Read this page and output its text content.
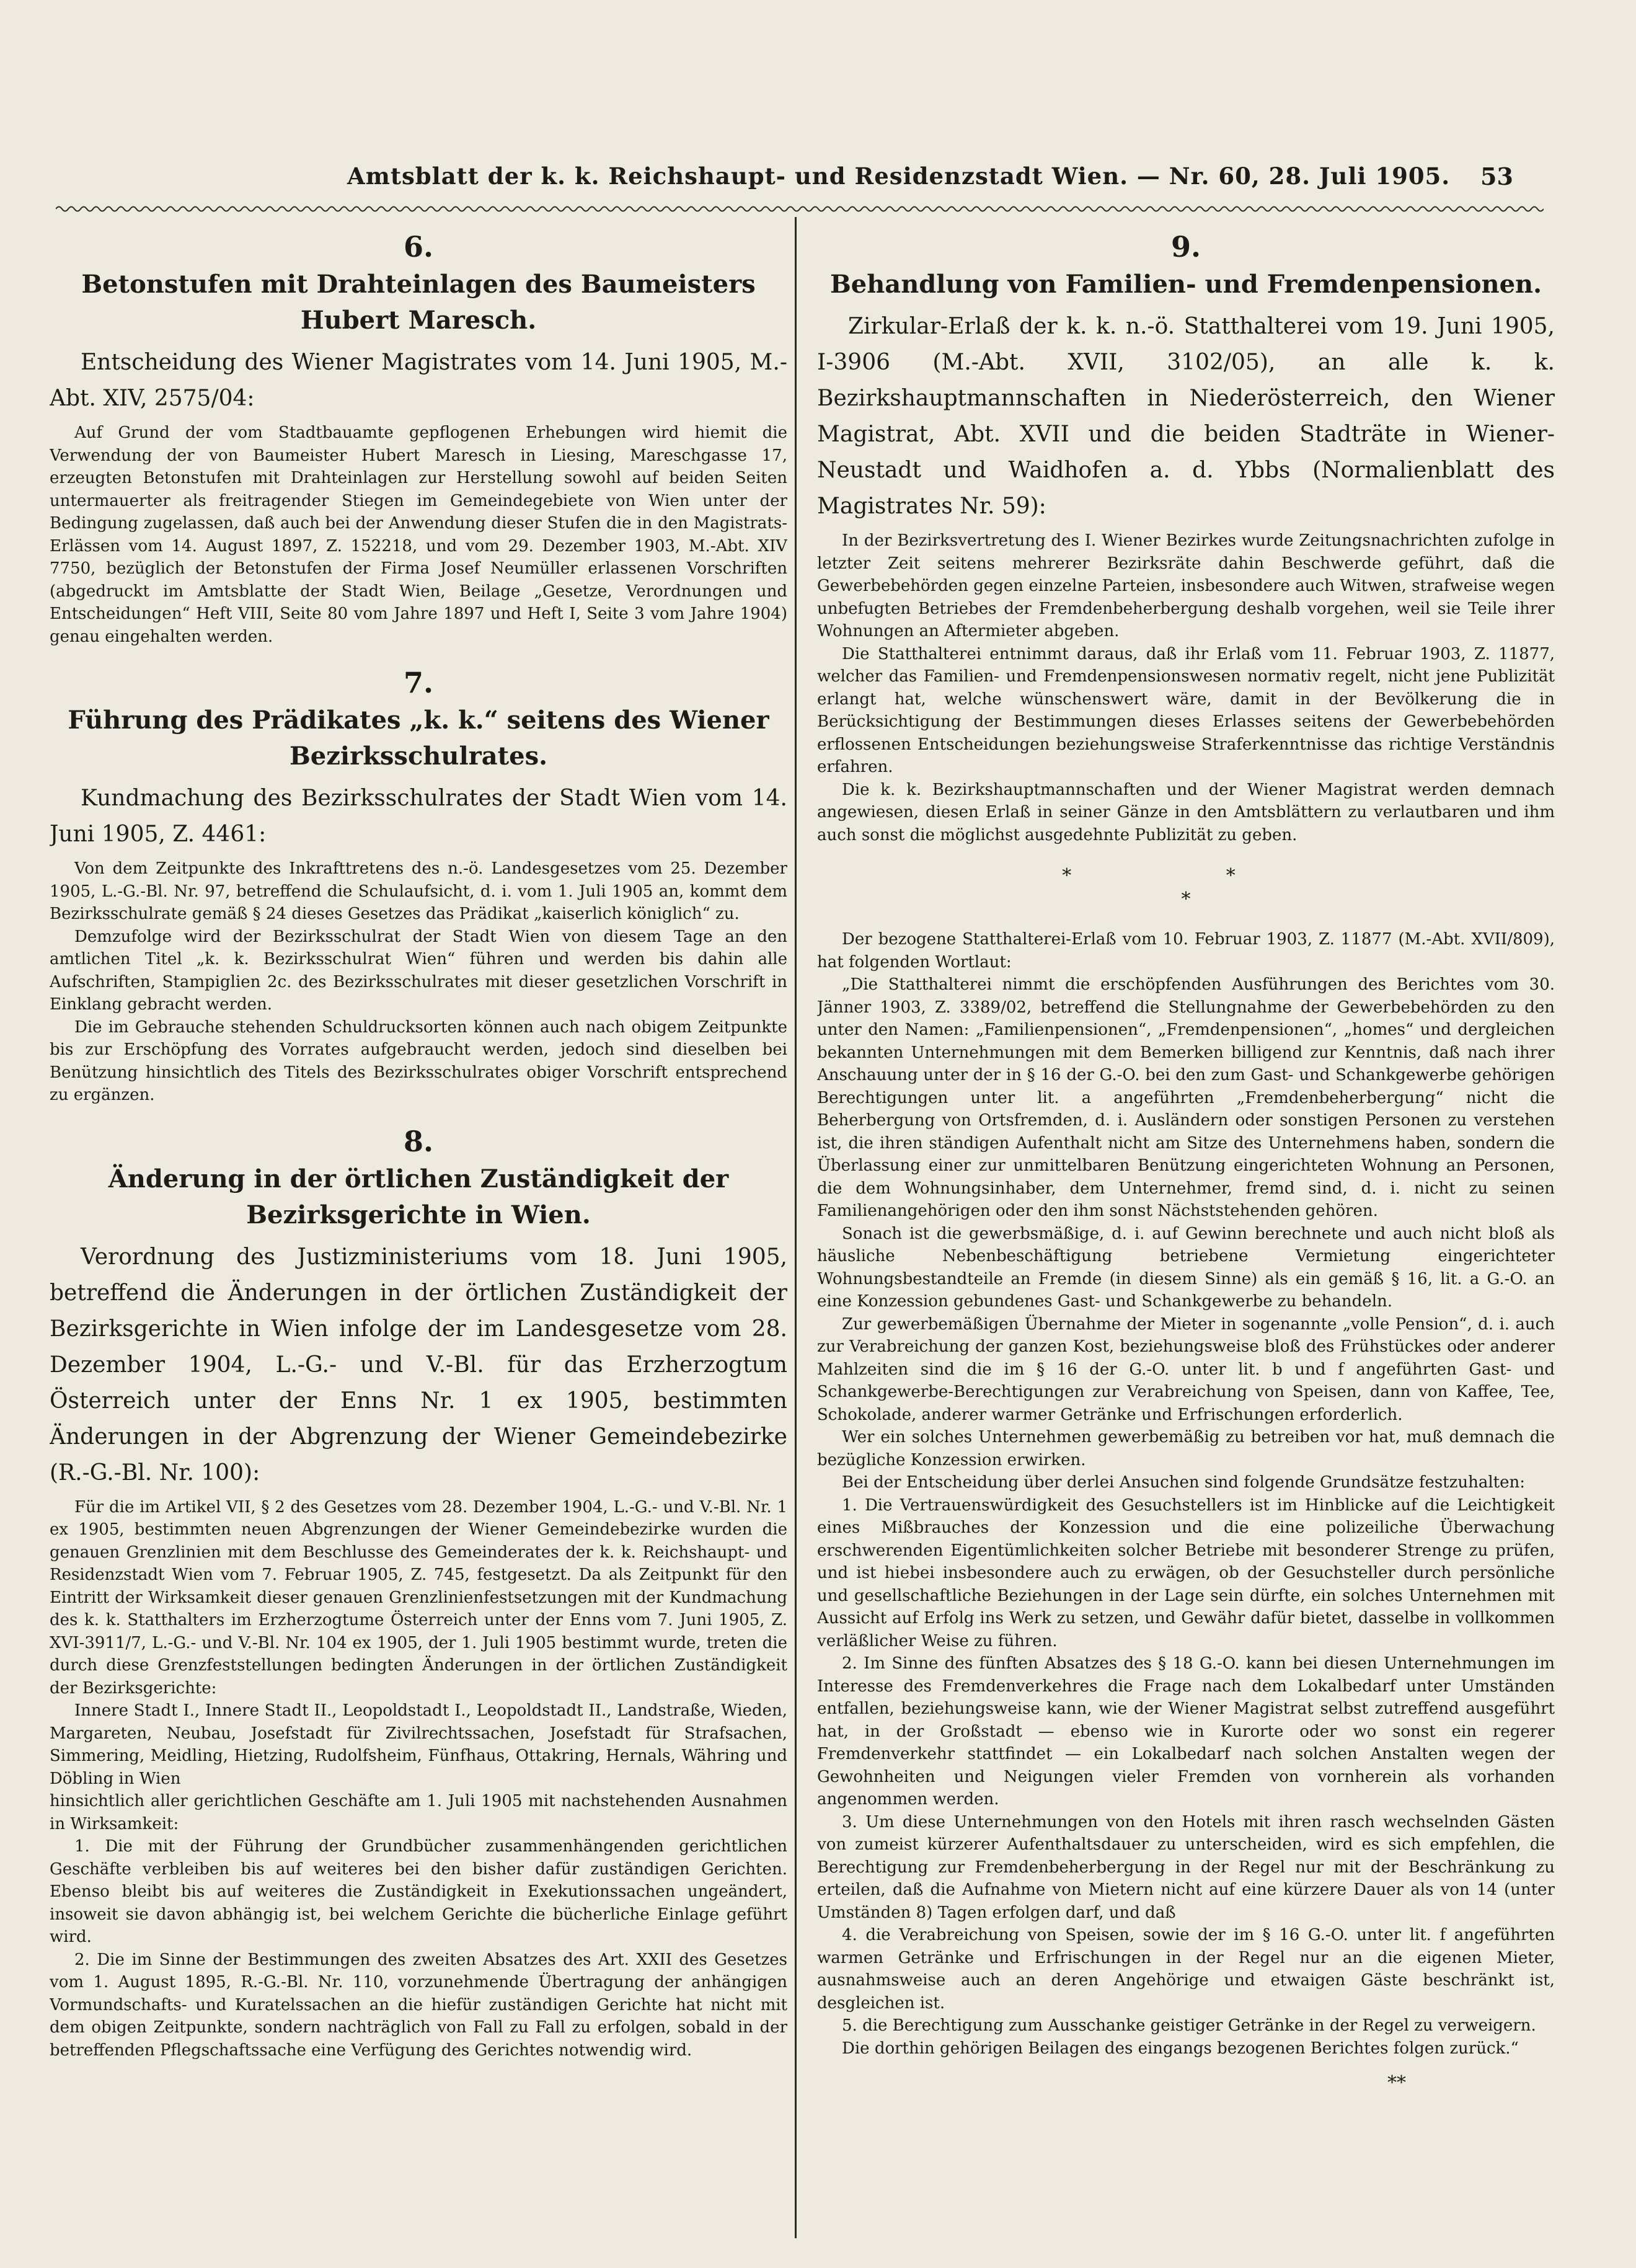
Amtsblatt der k. k. Reichshaupt- und Residenzstadt Wien. — Nr. 60, 28. Juli 1905.	53
6.
Betonstufen mit Drahteinlagen des Baumeisters Hubert Maresch.
Entscheidung des Wiener Magistrates vom 14. Juni 1905, M.-Abt. XIV, 2575/04:
Auf Grund der vom Stadtbauamte gepflogenen Erhebungen wird hiemit die Verwendung der von Baumeister Hubert Maresch in Liesing, Mareschgasse 17, erzeugten Betonstufen mit Drahteinlagen zur Herstellung sowohl auf beiden Seiten untermauerter als freitragender Stiegen im Gemeindegebiete von Wien unter der Bedingung zugelassen, daß auch bei der Anwendung dieser Stufen die in den Magistrats-Erlässen vom 14. August 1897, Z. 152218, und vom 29. Dezember 1903, M.-Abt. XIV 7750, bezüglich der Betonstufen der Firma Josef Neumüller erlassenen Vorschriften (abgedruckt im Amtsblatte der Stadt Wien, Beilage „Gesetze, Verordnungen und Entscheidungen“ Heft VIII, Seite 80 vom Jahre 1897 und Heft I, Seite 3 vom Jahre 1904) genau eingehalten werden.
7.
Führung des Prädikates „k. k.“ seitens des Wiener Bezirksschulrates.
Kundmachung des Bezirksschulrates der Stadt Wien vom 14. Juni 1905, Z. 4461:
Von dem Zeitpunkte des Inkrafttretens des n.-ö. Landesgesetzes vom 25. Dezember 1905, L.-G.-Bl. Nr. 97, betreffend die Schulaufsicht, d. i. vom 1. Juli 1905 an, kommt dem Bezirksschulrate gemäß § 24 dieses Gesetzes das Prädikat „kaiserlich königlich“ zu.
Demzufolge wird der Bezirksschulrat der Stadt Wien von diesem Tage an den amtlichen Titel „k. k. Bezirksschulrat Wien“ führen und werden bis dahin alle Aufschriften, Stampiglien 2c. des Bezirksschulrates mit dieser gesetzlichen Vorschrift in Einklang gebracht werden.
Die im Gebrauche stehenden Schuldrucksorten können auch nach obigem Zeitpunkte bis zur Erschöpfung des Vorrates aufgebraucht werden, jedoch sind dieselben bei Benützung hinsichtlich des Titels des Bezirksschulrates obiger Vorschrift entsprechend zu ergänzen.
8.
Änderung in der örtlichen Zuständigkeit der Bezirksgerichte in Wien.
Verordnung des Justizministeriums vom 18. Juni 1905, betreffend die Änderungen in der örtlichen Zuständigkeit der Bezirksgerichte in Wien infolge der im Landesgesetze vom 28. Dezember 1904, L.-G.- und V.-Bl. für das Erzherzogtum Österreich unter der Enns Nr. 1 ex 1905, bestimmten Änderungen in der Abgrenzung der Wiener Gemeindebezirke (R.-G.-Bl. Nr. 100):
Für die im Artikel VII, § 2 des Gesetzes vom 28. Dezember 1904, L.-G.- und V.-Bl. Nr. 1 ex 1905, bestimmten neuen Abgrenzungen der Wiener Gemeindebezirke wurden die genauen Grenzlinien mit dem Beschlusse des Gemeinderates der k. k. Reichshaupt- und Residenzstadt Wien vom 7. Februar 1905, Z. 745, festgesetzt. Da als Zeitpunkt für den Eintritt der Wirksamkeit dieser genauen Grenzlinienfestsetzungen mit der Kundmachung des k. k. Statthalters im Erzherzogtume Österreich unter der Enns vom 7. Juni 1905, Z. XVI-3911/7, L.-G.- und V.-Bl. Nr. 104 ex 1905, der 1. Juli 1905 bestimmt wurde, treten die durch diese Grenzfeststellungen bedingten Änderungen in der örtlichen Zuständigkeit der Bezirksgerichte:
Innere Stadt I., Innere Stadt II., Leopoldstadt I., Leopoldstadt II., Landstraße, Wieden, Margareten, Neubau, Josefstadt für Zivilrechtssachen, Josefstadt für Strafsachen, Simmering, Meidling, Hietzing, Rudolfsheim, Fünfhaus, Ottakring, Hernals, Währing und Döbling in Wien
hinsichtlich aller gerichtlichen Geschäfte am 1. Juli 1905 mit nachstehenden Ausnahmen in Wirksamkeit:
1. Die mit der Führung der Grundbücher zusammenhängenden gerichtlichen Geschäfte verbleiben bis auf weiteres bei den bisher dafür zuständigen Gerichten. Ebenso bleibt bis auf weiteres die Zuständigkeit in Exekutionssachen ungeändert, insoweit sie davon abhängig ist, bei welchem Gerichte die bücherliche Einlage geführt wird.
2. Die im Sinne der Bestimmungen des zweiten Absatzes des Art. XXII des Gesetzes vom 1. August 1895, R.-G.-Bl. Nr. 110, vorzunehmende Übertragung der anhängigen Vormundschafts- und Kuratelssachen an die hiefür zuständigen Gerichte hat nicht mit dem obigen Zeitpunkte, sondern nachträglich von Fall zu Fall zu erfolgen, sobald in der betreffenden Pflegschaftssache eine Verfügung des Gerichtes notwendig wird.
9.
Behandlung von Familien- und Fremdenpensionen.
Zirkular-Erlaß der k. k. n.-ö. Statthalterei vom 19. Juni 1905, I-3906 (M.-Abt. XVII, 3102/05), an alle k. k. Bezirkshauptmannschaften in Niederösterreich, den Wiener Magistrat, Abt. XVII und die beiden Stadträte in Wiener-Neustadt und Waidhofen a. d. Ybbs (Normalienblatt des Magistrates Nr. 59):
In der Bezirksvertretung des I. Wiener Bezirkes wurde Zeitungsnachrichten zufolge in letzter Zeit seitens mehrerer Bezirksräte dahin Beschwerde geführt, daß die Gewerbebehörden gegen einzelne Parteien, insbesondere auch Witwen, strafweise wegen unbefugten Betriebes der Fremdenbeherbergung deshalb vorgehen, weil sie Teile ihrer Wohnungen an Aftermieter abgeben.
Die Statthalterei entnimmt daraus, daß ihr Erlaß vom 11. Februar 1903, Z. 11877, welcher das Familien- und Fremdenpensionswesen normativ regelt, nicht jene Publizität erlangt hat, welche wünschenswert wäre, damit in der Bevölkerung die in Berücksichtigung der Bestimmungen dieses Erlasses seitens der Gewerbebehörden erflossenen Entscheidungen beziehungsweise Straferkenntnisse das richtige Verständnis erfahren.
Die k. k. Bezirkshauptmannschaften und der Wiener Magistrat werden demnach angewiesen, diesen Erlaß in seiner Gänze in den Amtsblättern zu verlautbaren und ihm auch sonst die möglichst ausgedehnte Publizität zu geben.
* *
*
Der bezogene Statthalterei-Erlaß vom 10. Februar 1903, Z. 11877 (M.-Abt. XVII/809), hat folgenden Wortlaut:
„Die Statthalterei nimmt die erschöpfenden Ausführungen des Berichtes vom 30. Jänner 1903, Z. 3389/02, betreffend die Stellungnahme der Gewerbebehörden zu den unter den Namen: „Familienpensionen“, „Fremdenpensionen“, „homes“ und dergleichen bekannten Unternehmungen mit dem Bemerken billigend zur Kenntnis, daß nach ihrer Anschauung unter der in § 16 der G.-O. bei den zum Gast- und Schankgewerbe gehörigen Berechtigungen unter lit. a angeführten „Fremdenbeherbergung“ nicht die Beherbergung von Ortsfremden, d. i. Ausländern oder sonstigen Personen zu verstehen ist, die ihren ständigen Aufenthalt nicht am Sitze des Unternehmens haben, sondern die Überlassung einer zur unmittelbaren Benützung eingerichteten Wohnung an Personen, die dem Wohnungsinhaber, dem Unternehmer, fremd sind, d. i. nicht zu seinen Familienangehörigen oder den ihm sonst Nächststehenden gehören.
Sonach ist die gewerbsmäßige, d. i. auf Gewinn berechnete und auch nicht bloß als häusliche Nebenbeschäftigung betriebene Vermietung eingerichteter Wohnungsbestandteile an Fremde (in diesem Sinne) als ein gemäß § 16, lit. a G.-O. an eine Konzession gebundenes Gast- und Schankgewerbe zu behandeln.
Zur gewerbemäßigen Übernahme der Mieter in sogenannte „volle Pension“, d. i. auch zur Verabreichung der ganzen Kost, beziehungsweise bloß des Frühstückes oder anderer Mahlzeiten sind die im § 16 der G.-O. unter lit. b und f angeführten Gast- und Schankgewerbe-Berechtigungen zur Verabreichung von Speisen, dann von Kaffee, Tee, Schokolade, anderer warmer Getränke und Erfrischungen erforderlich.
Wer ein solches Unternehmen gewerbemäßig zu betreiben vor hat, muß demnach die bezügliche Konzession erwirken.
Bei der Entscheidung über derlei Ansuchen sind folgende Grundsätze festzuhalten:
1. Die Vertrauenswürdigkeit des Gesuchstellers ist im Hinblicke auf die Leichtigkeit eines Mißbrauches der Konzession und die eine polizeiliche Überwachung erschwerenden Eigentümlichkeiten solcher Betriebe mit besonderer Strenge zu prüfen, und ist hiebei insbesondere auch zu erwägen, ob der Gesuchsteller durch persönliche und gesellschaftliche Beziehungen in der Lage sein dürfte, ein solches Unternehmen mit Aussicht auf Erfolg ins Werk zu setzen, und Gewähr dafür bietet, dasselbe in vollkommen verläßlicher Weise zu führen.
2. Im Sinne des fünften Absatzes des § 18 G.-O. kann bei diesen Unternehmungen im Interesse des Fremdenverkehres die Frage nach dem Lokalbedarf unter Umständen entfallen, beziehungsweise kann, wie der Wiener Magistrat selbst zutreffend ausgeführt hat, in der Großstadt — ebenso wie in Kurorte oder wo sonst ein regerer Fremdenverkehr stattfindet — ein Lokalbedarf nach solchen Anstalten wegen der Gewohnheiten und Neigungen vieler Fremden von vornherein als vorhanden angenommen werden.
3. Um diese Unternehmungen von den Hotels mit ihren rasch wechselnden Gästen von zumeist kürzerer Aufenthaltsdauer zu unterscheiden, wird es sich empfehlen, die Berechtigung zur Fremdenbeherbergung in der Regel nur mit der Beschränkung zu erteilen, daß die Aufnahme von Mietern nicht auf eine kürzere Dauer als von 14 (unter Umständen 8) Tagen erfolgen darf, und daß
4. die Verabreichung von Speisen, sowie der im § 16 G.-O. unter lit. f angeführten warmen Getränke und Erfrischungen in der Regel nur an die eigenen Mieter, ausnahmsweise auch an deren Angehörige und etwaigen Gäste beschränkt ist, desgleichen ist.
5. die Berechtigung zum Ausschanke geistiger Getränke in der Regel zu verweigern.
Die dorthin gehörigen Beilagen des eingangs bezogenen Berichtes folgen zurück.“
**
